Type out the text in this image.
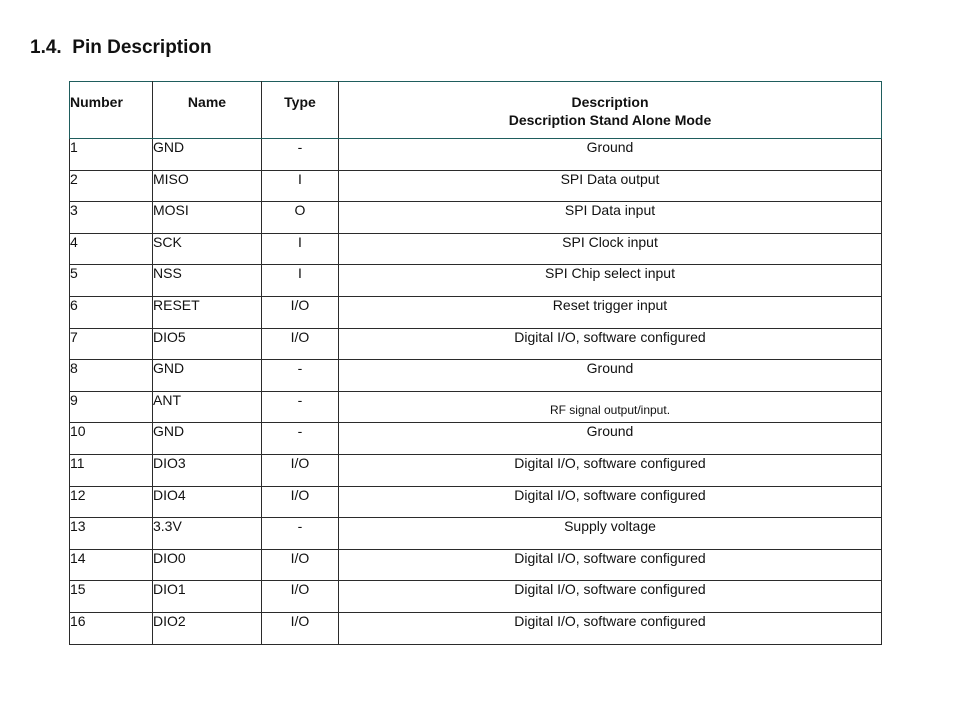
1.4. Pin Description
Number	Name	Type	Description
Description Stand Alone Mode

1	GND	-	Ground
2	MISO	I	SPI Data output
3	MOSI	O	SPI Data input
4	SCK	I	SPI Clock input
5	NSS	I	SPI Chip select input
6	RESET	I/O	Reset trigger input
7	DIO5	I/O	Digital I/O, software configured
8	GND	-	Ground
9	ANT	-	RF signal output/input.
10	GND	-	Ground
11	DIO3	I/O	Digital I/O, software configured
12	DIO4	I/O	Digital I/O, software configured
13	3.3V	-	Supply voltage
14	DIO0	I/O	Digital I/O, software configured
15	DIO1	I/O	Digital I/O, software configured
16	DIO2	I/O	Digital I/O, software configured
